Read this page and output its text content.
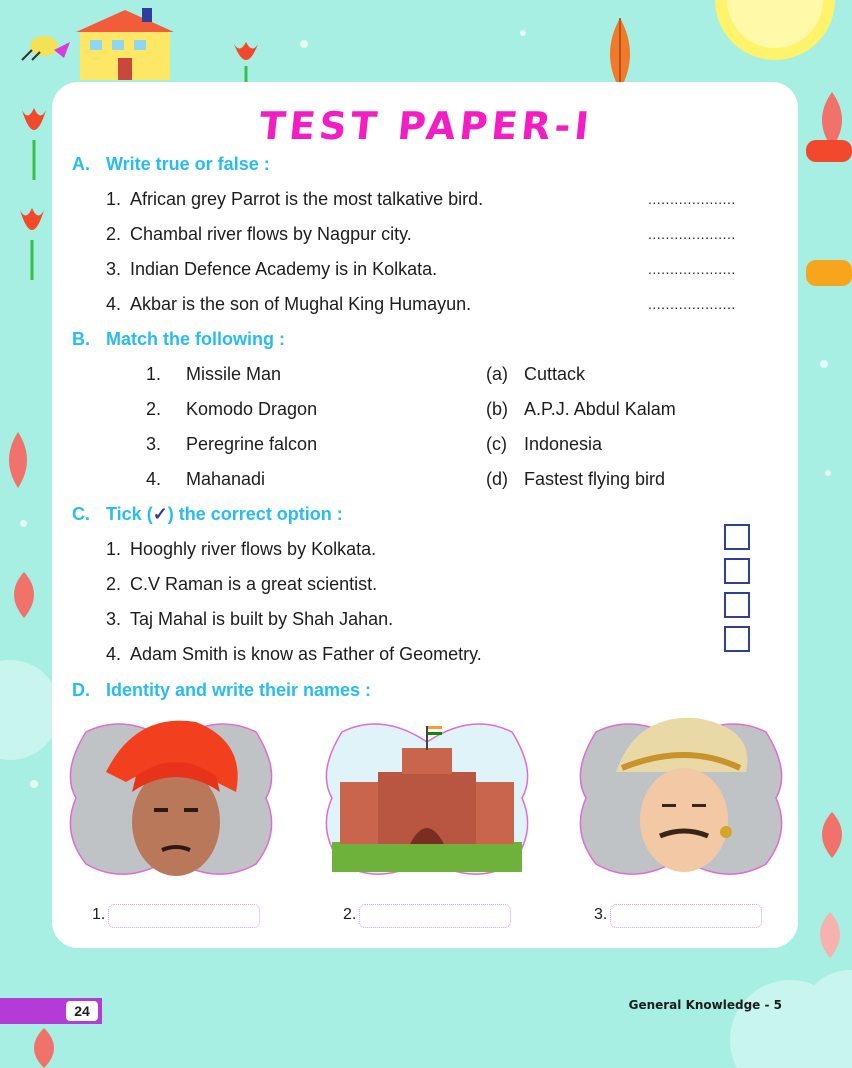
TEST PAPER-I
A. Write true or false :
1. African grey Parrot is the most talkative bird.	....................
2. Chambal river flows by Nagpur city.	....................
3. Indian Defence Academy is in Kolkata.	....................
4. Akbar is the son of Mughal King Humayun.	....................
B. Match the following :
1. Missile Man	(a) Cuttack
2. Komodo Dragon	(b) A.P.J. Abdul Kalam
3. Peregrine falcon	(c) Indonesia
4. Mahanadi	(d) Fastest flying bird
C. Tick (✓) the correct option :
1. Hooghly river flows by Kolkata.
2. C.V Raman is a great scientist.
3. Taj Mahal is built by Shah Jahan.
4. Adam Smith is know as Father of Geometry.
D. Identity and write their names :
1.	2.	3.
24	General Knowledge - 5
